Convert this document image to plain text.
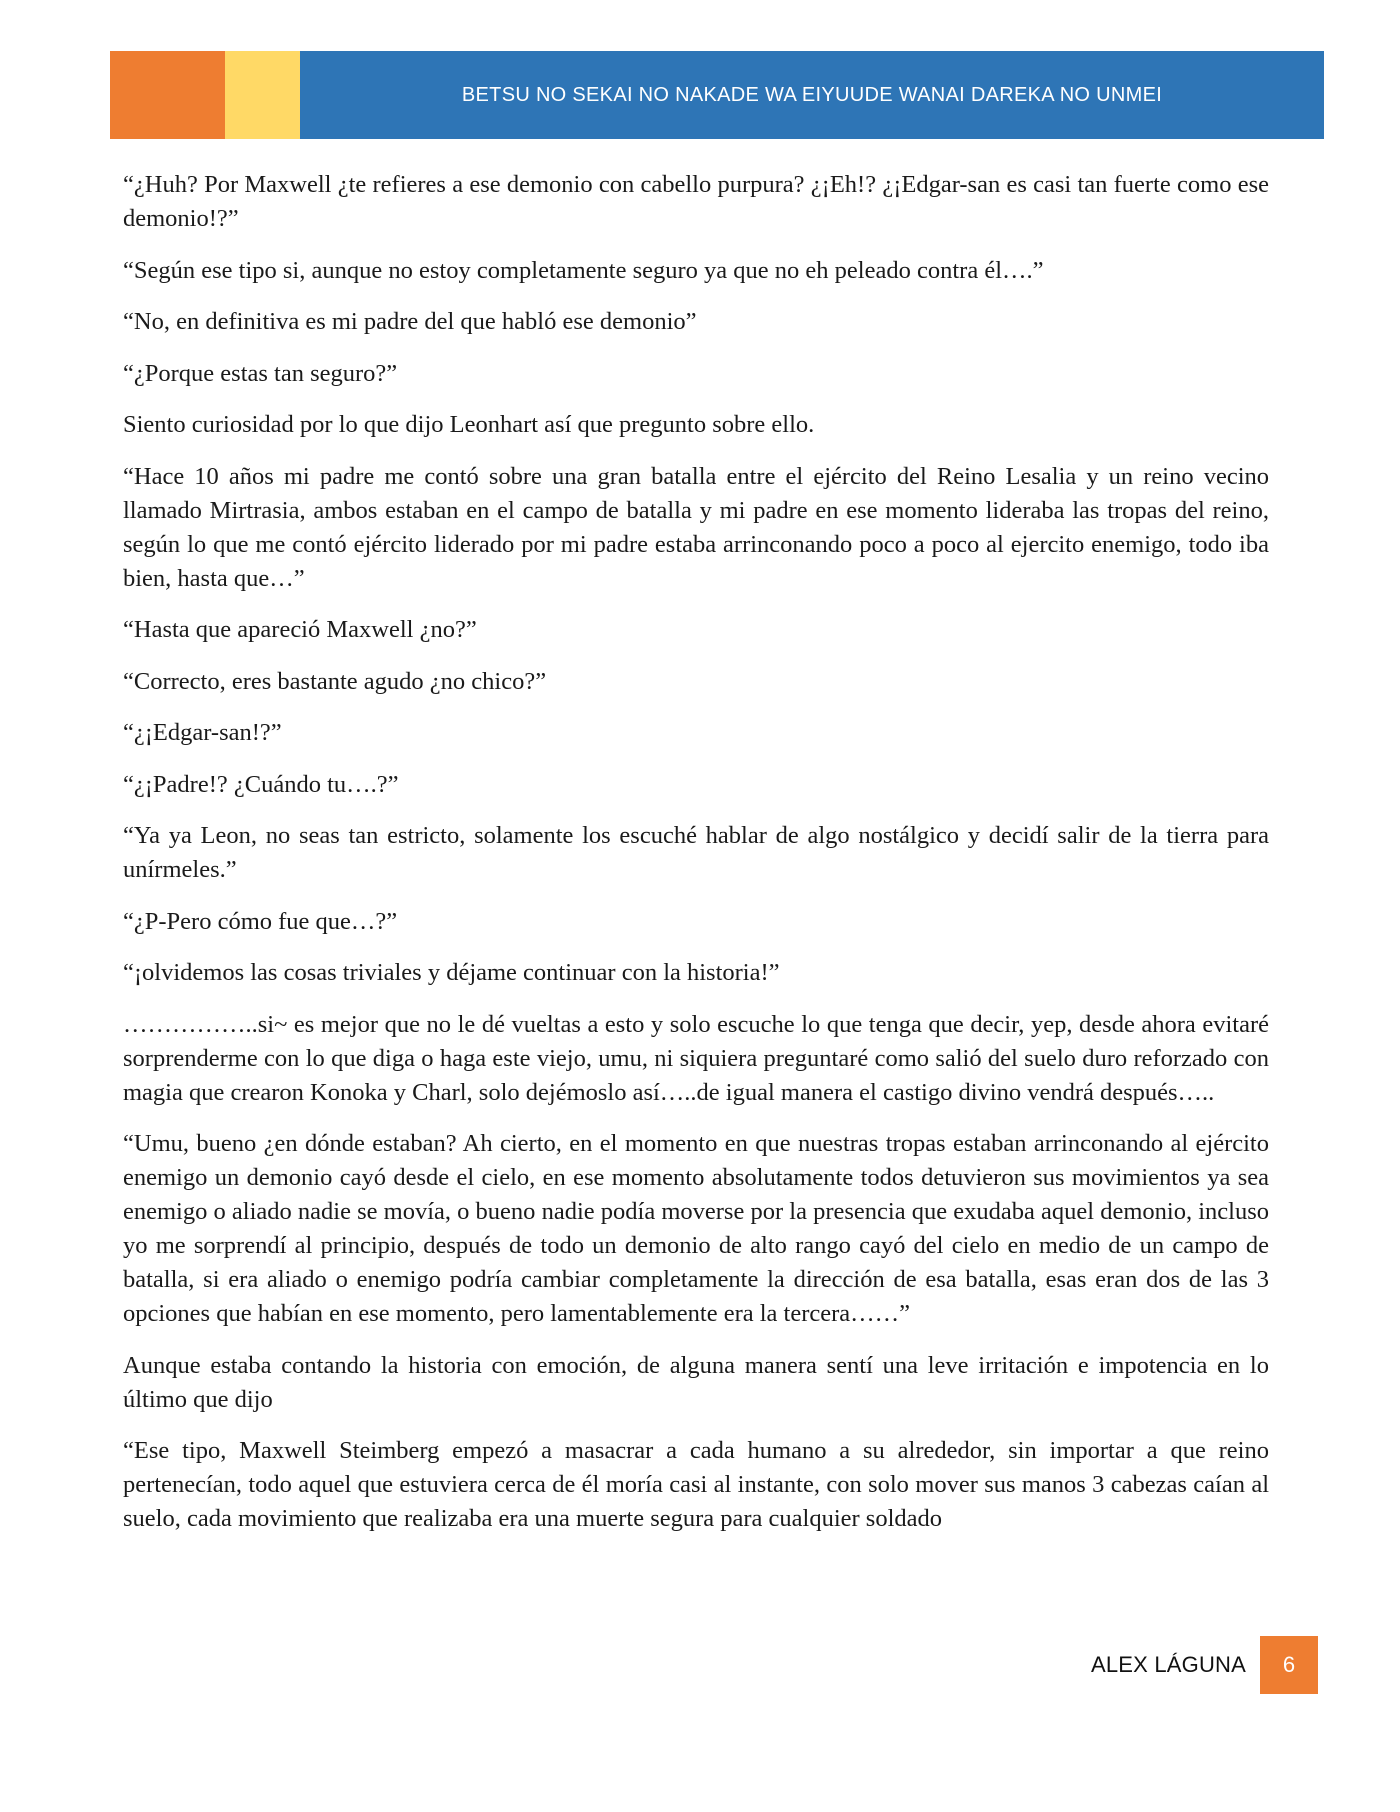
BETSU NO SEKAI NO NAKADE WA EIYUUDE WANAI DAREKA NO UNMEI

“¿Huh? Por Maxwell ¿te refieres a ese demonio con cabello purpura? ¿¡Eh!? ¿¡Edgar-san es casi tan fuerte como ese demonio!?”

“Según ese tipo si, aunque no estoy completamente seguro ya que no eh peleado contra él….”

“No, en definitiva es mi padre del que habló ese demonio”

“¿Porque estas tan seguro?”

Siento curiosidad por lo que dijo Leonhart así que pregunto sobre ello.

“Hace 10 años mi padre me contó sobre una gran batalla entre el ejército del Reino Lesalia y un reino vecino llamado Mirtrasia, ambos estaban en el campo de batalla y mi padre en ese momento lideraba las tropas del reino, según lo que me contó ejército liderado por mi padre estaba arrinconando poco a poco al ejercito enemigo, todo iba bien, hasta que…”

“Hasta que apareció Maxwell ¿no?”

“Correcto, eres bastante agudo ¿no chico?”

“¿¡Edgar-san!?”

“¿¡Padre!? ¿Cuándo tu….?”

“Ya ya Leon, no seas tan estricto, solamente los escuché hablar de algo nostálgico y decidí salir de la tierra para unírmeles.”

“¿P-Pero cómo fue que…?”

“¡olvidemos las cosas triviales y déjame continuar con la historia!”

……………..si~ es mejor que no le dé vueltas a esto y solo escuche lo que tenga que decir, yep, desde ahora evitaré sorprenderme con lo que diga o haga este viejo, umu, ni siquiera preguntaré como salió del suelo duro reforzado con magia que crearon Konoka y Charl, solo dejémoslo así…..de igual manera el castigo divino vendrá después…..

“Umu, bueno ¿en dónde estaban? Ah cierto, en el momento en que nuestras tropas estaban arrinconando al ejército enemigo un demonio cayó desde el cielo, en ese momento absolutamente todos detuvieron sus movimientos ya sea enemigo o aliado nadie se movía, o bueno nadie podía moverse por la presencia que exudaba aquel demonio, incluso yo me sorprendí al principio, después de todo un demonio de alto rango cayó del cielo en medio de un campo de batalla, si era aliado o enemigo podría cambiar completamente la dirección de esa batalla, esas eran dos de las 3 opciones que habían en ese momento, pero lamentablemente era la tercera……”

Aunque estaba contando la historia con emoción, de alguna manera sentí una leve irritación e impotencia en lo último que dijo

“Ese tipo, Maxwell Steimberg empezó a masacrar a cada humano a su alrededor, sin importar a que reino pertenecían, todo aquel que estuviera cerca de él moría casi al instante, con solo mover sus manos 3 cabezas caían al suelo, cada movimiento que realizaba era una muerte segura para cualquier soldado

ALEX LÁGUNA	6
